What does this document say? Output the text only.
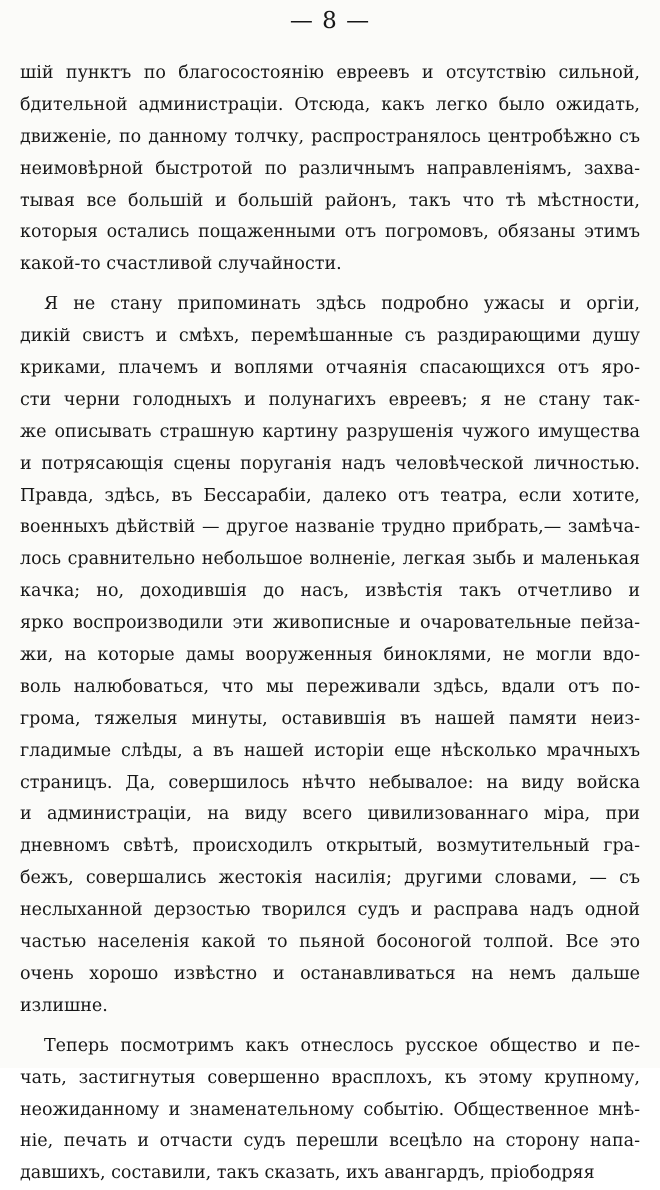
— 8 —
шій пунктъ по благосостоянію евреевъ и отсутствію сильной,
бдительной администраціи. Отсюда, какъ легко было ожидать,
движеніе, по данному толчку, распространялось центробѣжно съ
неимовѣрной быстротой по различнымъ направленіямъ, захва-
тывая все большій и большій районъ, такъ что тѣ мѣстности,
которыя остались пощаженными отъ погромовъ, обязаны этимъ
какой-то счастливой случайности.
Я не стану припоминать здѣсь подробно ужасы и оргіи,
дикій свистъ и смѣхъ, перемѣшанные съ раздирающими душу
криками, плачемъ и воплями отчаянія спасающихся отъ яро-
сти черни голодныхъ и полунагихъ евреевъ; я не стану так-
же описывать страшную картину разрушенія чужого имущества
и потрясающія сцены поруганія надъ человѣческой личностью.
Правда, здѣсь, въ Бессарабіи, далеко отъ театра, если хотите,
военныхъ дѣйствій — другое названіе трудно прибрать,— замѣча-
лось сравнительно небольшое волненіе, легкая зыбь и маленькая
качка; но, доходившія до насъ, извѣстія такъ отчетливо и
ярко воспроизводили эти живописные и очаровательные пейза-
жи, на которые дамы вооруженныя биноклями, не могли вдо-
воль налюбоваться, что мы переживали здѣсь, вдали отъ по-
грома, тяжелыя минуты, оставившія въ нашей памяти неиз-
гладимые слѣды, а въ нашей исторіи еще нѣсколько мрачныхъ
страницъ. Да, совершилось нѣчто небывалое: на виду войска
и администраціи, на виду всего цивилизованнаго міра, при
дневномъ свѣтѣ, происходилъ открытый, возмутительный гра-
бежъ, совершались жестокія насилія; другими словами, — съ
неслыханной дерзостью творился судъ и расправа надъ одной
частью населенія какой то пьяной босоногой толпой. Все это
очень хорошо извѣстно и останавливаться на немъ дальше
излишне.
Теперь посмотримъ какъ отнеслось русское общество и пе-
чать, застигнутыя совершенно врасплохъ, къ этому крупному,
неожиданному и знаменательному событію. Общественное мнѣ-
ніе, печать и отчасти судъ перешли всецѣло на сторону напа-
давшихъ, составили, такъ сказать, ихъ авангардъ, пріободряя
